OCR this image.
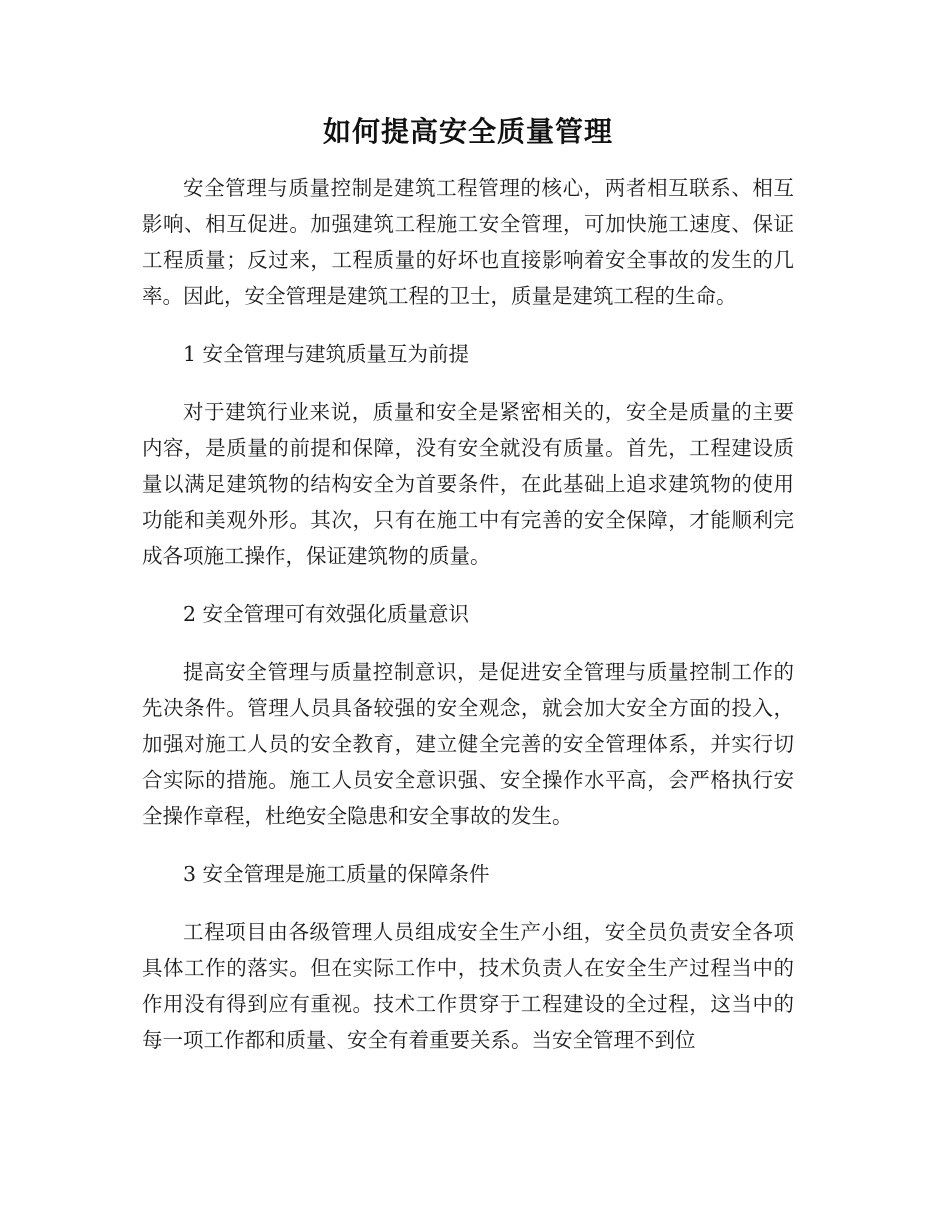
如何提高安全质量管理

安全管理与质量控制是建筑工程管理的核心，两者相互联系、相互影响、相互促进。加强建筑工程施工安全管理，可加快施工速度、保证工程质量；反过来，工程质量的好坏也直接影响着安全事故的发生的几率。因此，安全管理是建筑工程的卫士，质量是建筑工程的生命。

1 安全管理与建筑质量互为前提

对于建筑行业来说，质量和安全是紧密相关的，安全是质量的主要内容，是质量的前提和保障，没有安全就没有质量。首先，工程建设质量以满足建筑物的结构安全为首要条件，在此基础上追求建筑物的使用功能和美观外形。其次，只有在施工中有完善的安全保障，才能顺利完成各项施工操作，保证建筑物的质量。

2 安全管理可有效强化质量意识

提高安全管理与质量控制意识，是促进安全管理与质量控制工作的先决条件。管理人员具备较强的安全观念，就会加大安全方面的投入，加强对施工人员的安全教育，建立健全完善的安全管理体系，并实行切合实际的措施。施工人员安全意识强、安全操作水平高，会严格执行安全操作章程，杜绝安全隐患和安全事故的发生。

3 安全管理是施工质量的保障条件

工程项目由各级管理人员组成安全生产小组，安全员负责安全各项具体工作的落实。但在实际工作中，技术负责人在安全生产过程当中的作用没有得到应有重视。技术工作贯穿于工程建设的全过程，这当中的每一项工作都和质量、安全有着重要关系。当安全管理不到位
